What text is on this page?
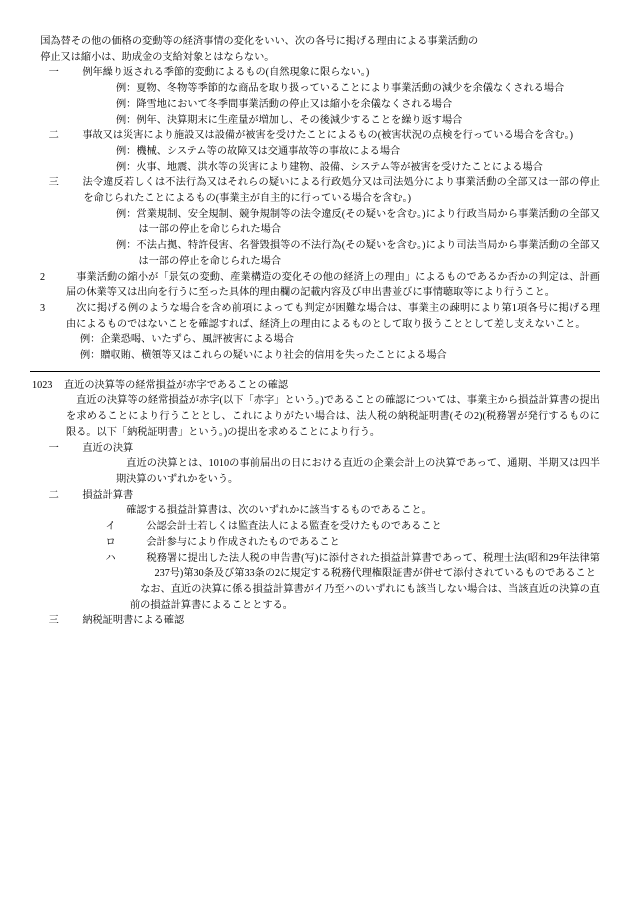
国為替その他の価格の変動等の経済事情の変化をいい、次の各号に掲げる理由による事業活動の

停止又は縮小は、助成金の支給対象とはならない。

一 例年繰り返される季節的変動によるもの(自然現象に限らない。)

例：夏物、冬物等季節的な商品を取り扱っていることにより事業活動の減少を余儀なくされる場合

例：降雪地において冬季間事業活動の停止又は縮小を余儀なくされる場合

例：例年、決算期末に生産量が増加し、その後減少することを繰り返す場合

二 事故又は災害により施設又は設備が被害を受けたことによるもの(被害状況の点検を行っている場合を含む。)

例：機械、システム等の故障又は交通事故等の事故による場合

例：火事、地震、洪水等の災害により建物、設備、システム等が被害を受けたことによる場合

三 法令違反若しくは不法行為又はそれらの疑いによる行政処分又は司法処分により事業活動の全部又は一部の停止を命じられたことによるもの(事業主が自主的に行っている場合を含む。)

例：営業規制、安全規制、競争規制等の法令違反(その疑いを含む。)により行政当局から事業活動の全部又は一部の停止を命じられた場合

例：不法占拠、特許侵害、名誉毀損等の不法行為(その疑いを含む。)により司法当局から事業活動の全部又は一部の停止を命じられた場合

2	事業活動の縮小が「景気の変動、産業構造の変化その他の経済上の理由」によるものであるか否かの判定は、計画届の休業等又は出向を行うに至った具体的理由欄の記載内容及び申出書並びに事情聴取等により行うこと。

3	次に掲げる例のような場合を含め前項によっても判定が困難な場合は、事業主の疎明により第1項各号に掲げる理由によるものではないことを確認すれば、経済上の理由によるものとして取り扱うこととして差し支えないこと。

例：企業恐喝、いたずら、風評被害による場合

例：贈収賄、横領等又はこれらの疑いにより社会的信用を失ったことによる場合

1023	直近の決算等の経常損益が赤字であることの確認

直近の決算等の経常損益が赤字(以下「赤字」という。)であることの確認については、事業主から損益計算書の提出を求めることにより行うこととし、これによりがたい場合は、法人税の納税証明書(その2)(税務署が発行するものに限る。以下「納税証明書」という。)の提出を求めることにより行う。

一 直近の決算

直近の決算とは、1010の事前届出の日における直近の企業会計上の決算であって、通期、半期又は四半期決算のいずれかをいう。

二 損益計算書

確認する損益計算書は、次のいずれかに該当するものであること。

イ	公認会計士若しくは監査法人による監査を受けたものであること

ロ	会計参与により作成されたものであること

ハ	税務署に提出した法人税の申告書(写)に添付された損益計算書であって、税理士法(昭和29年法律第237号)第30条及び第33条の2に規定する税務代理権限証書が併せて添付されているものであること

なお、直近の決算に係る損益計算書がイ乃至ハのいずれにも該当しない場合は、当該直近の決算の直前の損益計算書によることとする。

三 納税証明書による確認
